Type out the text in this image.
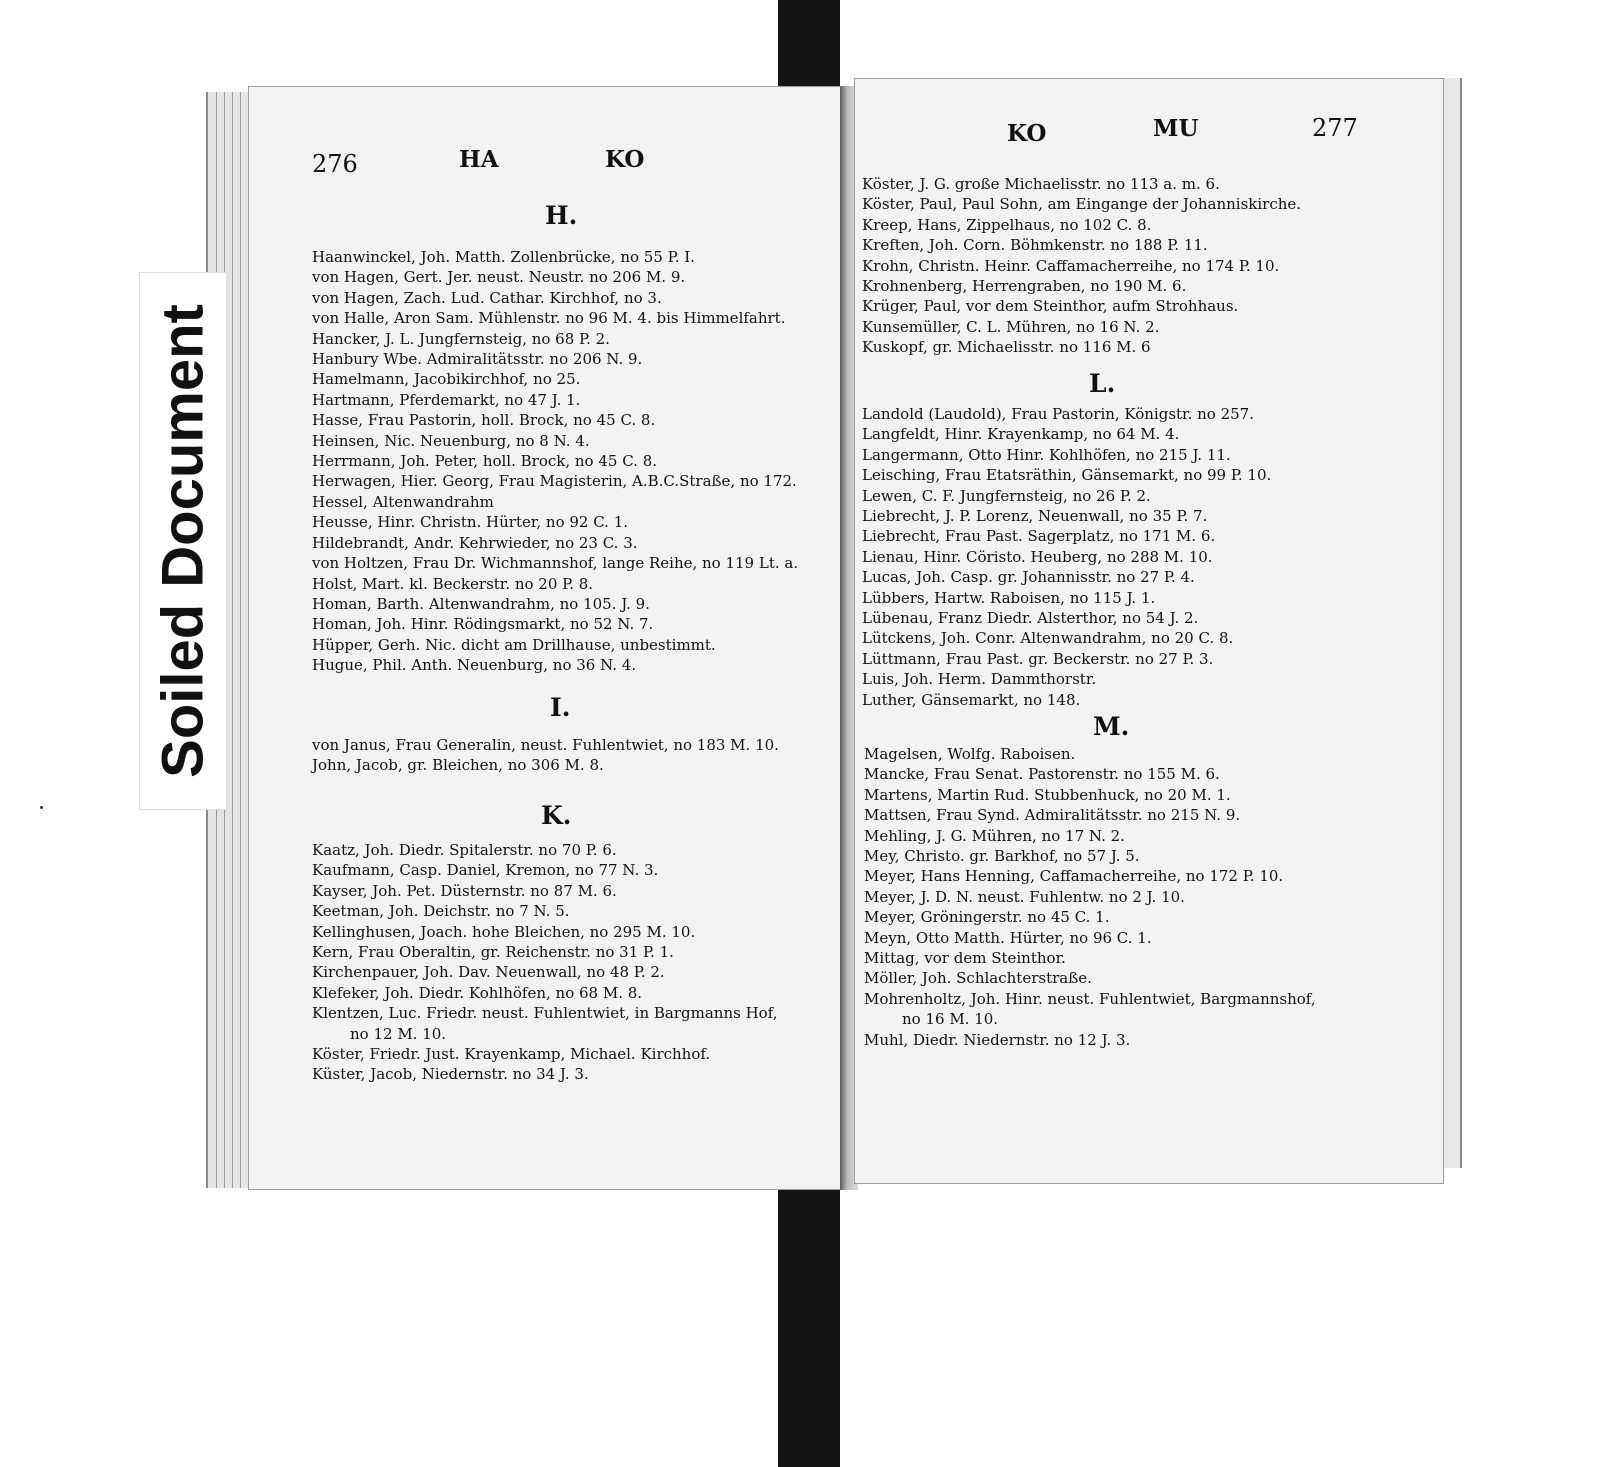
276	HA	KO
H.
Haanwinckel, Joh. Matth. Zollenbrücke, no 55 P. I.
von Hagen, Gert. Jer. neust. Neustr. no 206 M. 9.
von Hagen, Zach. Lud. Cathar. Kirchhof, no 3.
von Halle, Aron Sam. Mühlenstr. no 96 M. 4. bis Himmelfahrt.
Hancker, J. L. Jungfernsteig, no 68 P. 2.
Hanbury Wbe. Admiralitätsstr. no 206 N. 9.
Hamelmann, Jacobikirchhof, no 25.
Hartmann, Pferdemarkt, no 47 J. 1.
Hasse, Frau Pastorin, holl. Brock, no 45 C. 8.
Heinsen, Nic. Neuenburg, no 8 N. 4.
Herrmann, Joh. Peter, holl. Brock, no 45 C. 8.
Herwagen, Hier. Georg, Frau Magisterin, A.B.C.Straße, no 172.
Hessel, Altenwandrahm
Heusse, Hinr. Christn. Hürter, no 92 C. 1.
Hildebrandt, Andr. Kehrwieder, no 23 C. 3.
von Holtzen, Frau Dr. Wichmannshof, lange Reihe, no 119 Lt. a.
Holst, Mart. kl. Beckerstr. no 20 P. 8.
Homan, Barth. Altenwandrahm, no 105. J. 9.
Homan, Joh. Hinr. Rödingsmarkt, no 52 N. 7.
Hüpper, Gerh. Nic. dicht am Drillhause, unbestimmt.
Hugue, Phil. Anth. Neuenburg, no 36 N. 4.
I.
von Janus, Frau Generalin, neust. Fuhlentwiet, no 183 M. 10.
John, Jacob, gr. Bleichen, no 306 M. 8.
K.
Kaatz, Joh. Diedr. Spitalerstr. no 70 P. 6.
Kaufmann, Casp. Daniel, Kremon, no 77 N. 3.
Kayser, Joh. Pet. Düsternstr. no 87 M. 6.
Keetman, Joh. Deichstr. no 7 N. 5.
Kellinghusen, Joach. hohe Bleichen, no 295 M. 10.
Kern, Frau Oberaltin, gr. Reichenstr. no 31 P. 1.
Kirchenpauer, Joh. Dav. Neuenwall, no 48 P. 2.
Klefeker, Joh. Diedr. Kohlhöfen, no 68 M. 8.
Klentzen, Luc. Friedr. neust. Fuhlentwiet, in Bargmanns Hof,
no 12 M. 10.
Köster, Friedr. Just. Krayenkamp, Michael. Kirchhof.
Küster, Jacob, Niedernstr. no 34 J. 3.
KO	MU	277
Köster, J. G. große Michaelisstr. no 113 a. m. 6.
Köster, Paul, Paul Sohn, am Eingange der Johanniskirche.
Kreep, Hans, Zippelhaus, no 102 C. 8.
Kreften, Joh. Corn. Böhmkenstr. no 188 P. 11.
Krohn, Christn. Heinr. Caffamacherreihe, no 174 P. 10.
Krohnenberg, Herrengraben, no 190 M. 6.
Krüger, Paul, vor dem Steinthor, aufm Strohhaus.
Kunsemüller, C. L. Mühren, no 16 N. 2.
Kuskopf, gr. Michaelisstr. no 116 M. 6
L.
Landold (Laudold), Frau Pastorin, Königstr. no 257.
Langfeldt, Hinr. Krayenkamp, no 64 M. 4.
Langermann, Otto Hinr. Kohlhöfen, no 215 J. 11.
Leisching, Frau Etatsräthin, Gänsemarkt, no 99 P. 10.
Lewen, C. F. Jungfernsteig, no 26 P. 2.
Liebrecht, J. P. Lorenz, Neuenwall, no 35 P. 7.
Liebrecht, Frau Past. Sagerplatz, no 171 M. 6.
Lienau, Hinr. Cöristo. Heuberg, no 288 M. 10.
Lucas, Joh. Casp. gr. Johannisstr. no 27 P. 4.
Lübbers, Hartw. Raboisen, no 115 J. 1.
Lübenau, Franz Diedr. Alsterthor, no 54 J. 2.
Lütckens, Joh. Conr. Altenwandrahm, no 20 C. 8.
Lüttmann, Frau Past. gr. Beckerstr. no 27 P. 3.
Luis, Joh. Herm. Dammthorstr.
Luther, Gänsemarkt, no 148.
M.
Magelsen, Wolfg. Raboisen.
Mancke, Frau Senat. Pastorenstr. no 155 M. 6.
Martens, Martin Rud. Stubbenhuck, no 20 M. 1.
Mattsen, Frau Synd. Admiralitätsstr. no 215 N. 9.
Mehling, J. G. Mühren, no 17 N. 2.
Mey, Christo. gr. Barkhof, no 57 J. 5.
Meyer, Hans Henning, Caffamacherreihe, no 172 P. 10.
Meyer, J. D. N. neust. Fuhlentw. no 2 J. 10.
Meyer, Gröningerstr. no 45 C. 1.
Meyn, Otto Matth. Hürter, no 96 C. 1.
Mittag, vor dem Steinthor.
Möller, Joh. Schlachterstraße.
Mohrenholtz, Joh. Hinr. neust. Fuhlentwiet, Bargmannshof,
no 16 M. 10.
Muhl, Diedr. Niedernstr. no 12 J. 3.
Soiled Document
